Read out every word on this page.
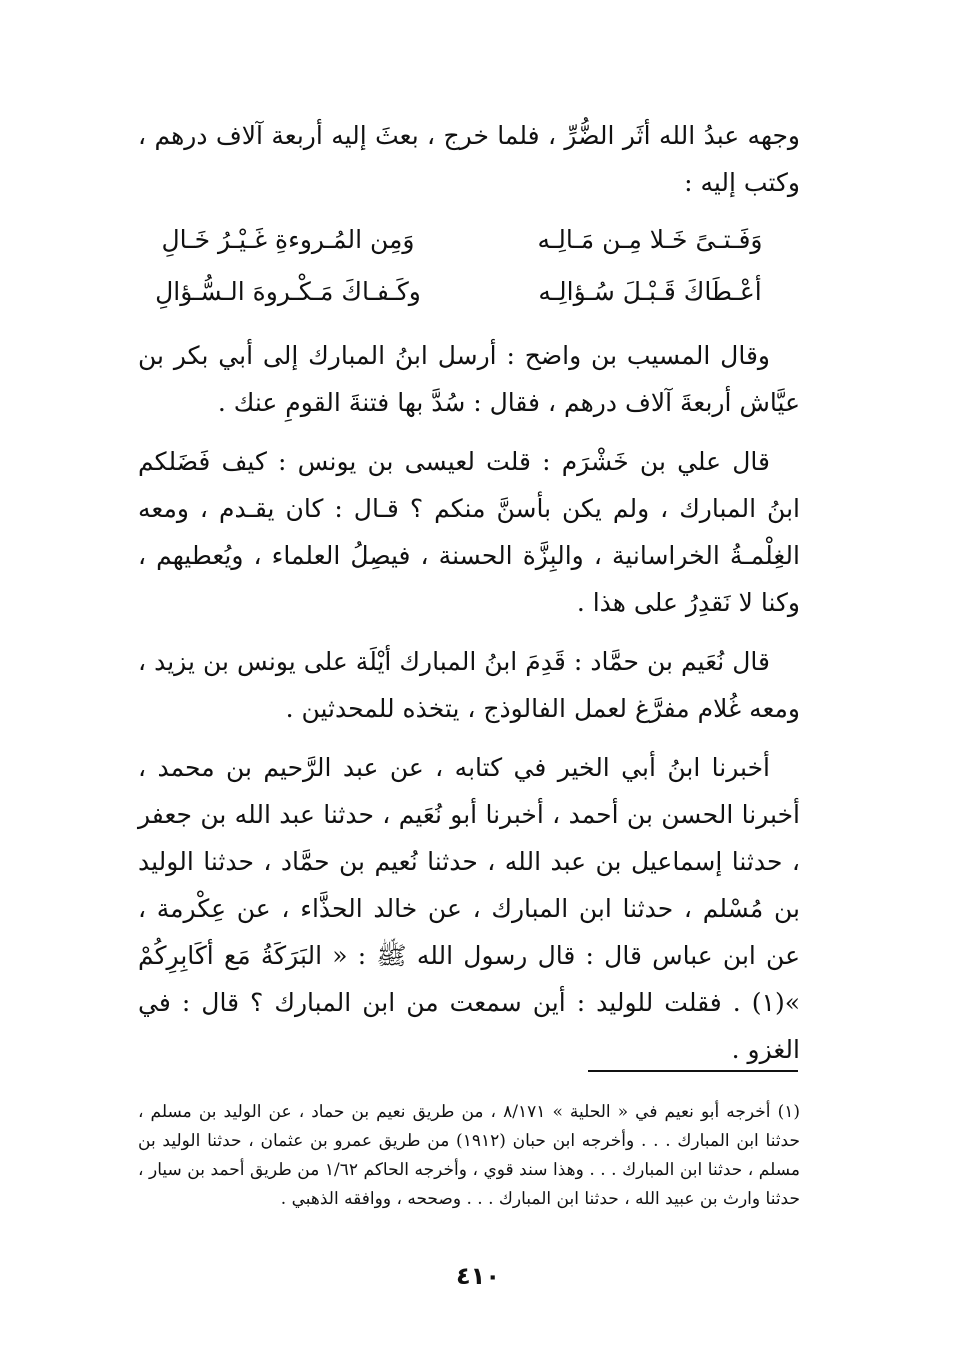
وجهه عبدُ الله أثَر الضُّرِّ ، فلما خرج ، بعثَ إليه أربعة آلاف درهم ، وكتب إليه :

وَفَـتـىً خَـلا مِـن مَـالِـه
وَمِن المُـروءةِ غَـيْـرُ خَـالِ
أعْـطَاكَ قَـبْـلَ سُـؤالِـه
وكَـفـاكَ مَـكْـروهَ الـسُّـؤالِ

وقال المسيب بن واضح : أرسل ابنُ المبارك إلى أبي بكر بن عيَّاش أربعةَ آلاف درهم ، فقال : سُدَّ بها فتنةَ القومِ عنك .

قال علي بن خَشْرَم : قلت لعيسى بن يونس : كيف فَضَلكم ابنُ المبارك ، ولم يكن بأسنَّ منكم ؟ قـال : كان يقـدم ، ومعه الغِلْمـةُ الخراسانية ، والبِزَّة الحسنة ، فيصِلُ العلماء ، ويُعطيهم ، وكنا لا نَقدِرُ على هذا .

قال نُعَيم بن حمَّاد : قَدِمَ ابنُ المبارك أيْلَة على يونس بن يزيد ، ومعه غُلام مفرَّغ لعمل الفالوذج ، يتخذه للمحدثين .

أخبرنا ابنُ أبي الخير في كتابه ، عن عبد الرَّحيم بن محمد ، أخبرنا الحسن بن أحمد ، أخبرنا أبو نُعَيم ، حدثنا عبد الله بن جعفر ، حدثنا إسماعيل بن عبد الله ، حدثنا نُعيم بن حمَّاد ، حدثنا الوليد بن مُسْلم ، حدثنا ابن المبارك ، عن خالد الحذَّاء ، عن عِكْرمة ، عن ابن عباس قال : قال رسول الله ﷺ : « البَرَكَةُ مَع أكَابِرِكُمْ »(١) . فقلت للوليد : أين سمعت من ابن المبارك ؟ قال : في الغزو .

(١) أخرجه أبو نعيم في « الحلية » ٨/١٧١ ، من طريق نعيم بن حماد ، عن الوليد بن مسلم ، حدثنا ابن المبارك . . . وأخرجه ابن حبان (١٩١٢) من طريق عمرو بن عثمان ، حدثنا الوليد بن مسلم ، حدثنا ابن المبارك . . . وهذا سند قوي ، وأخرجه الحاكم ١/٦٢ من طريق أحمد بن سيار ، حدثنا وارث بن عبيد الله ، حدثنا ابن المبارك . . . وصححه ، ووافقه الذهبي .
٤١٠
